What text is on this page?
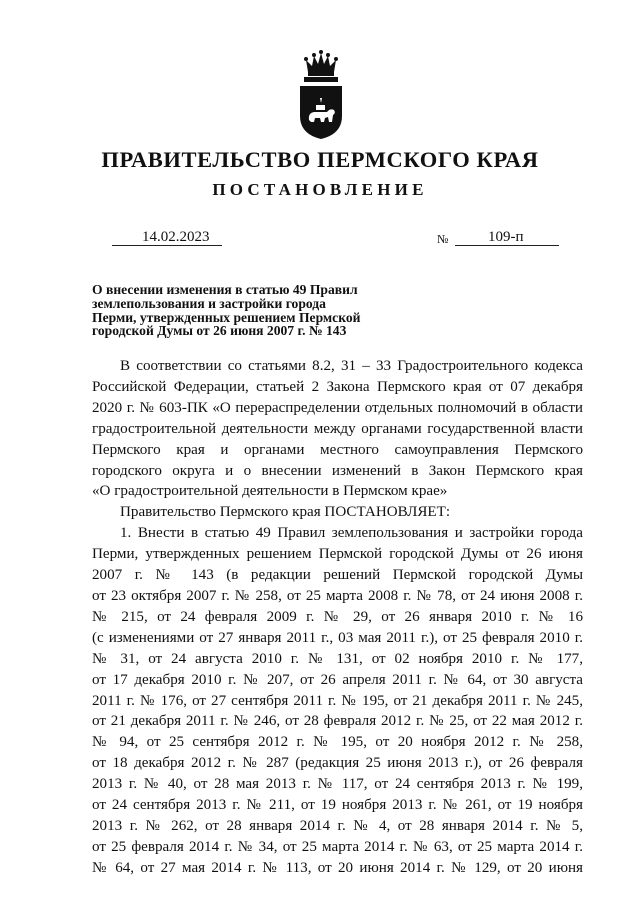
ПРАВИТЕЛЬСТВО ПЕРМСКОГО КРАЯ
ПОСТАНОВЛЕНИЕ
14.02.2023	№	109-п
О внесении изменения в статью 49 Правил
землепользования и застройки города
Перми, утвержденных решением Пермской
городской Думы от 26 июня 2007 г. № 143
В соответствии со статьями 8.2, 31 – 33 Градостроительного кодекса
Российской Федерации, статьей 2 Закона Пермского края от 07 декабря
2020 г. № 603-ПК «О перераспределении отдельных полномочий в области
градостроительной деятельности между органами государственной власти
Пермского края и органами местного самоуправления Пермского
городского округа и о внесении изменений в Закон Пермского края
«О градостроительной деятельности в Пермском крае»
Правительство Пермского края ПОСТАНОВЛЯЕТ:
1. Внести в статью 49 Правил землепользования и застройки города
Перми, утвержденных решением Пермской городской Думы от 26 июня
2007 г. № 143 (в редакции решений Пермской городской Думы
от 23 октября 2007 г. № 258, от 25 марта 2008 г. № 78, от 24 июня 2008 г.
№ 215, от 24 февраля 2009 г. № 29, от 26 января 2010 г. № 16
(с изменениями от 27 января 2011 г., 03 мая 2011 г.), от 25 февраля 2010 г.
№ 31, от 24 августа 2010 г. № 131, от 02 ноября 2010 г. № 177,
от 17 декабря 2010 г. № 207, от 26 апреля 2011 г. № 64, от 30 августа
2011 г. № 176, от 27 сентября 2011 г. № 195, от 21 декабря 2011 г. № 245,
от 21 декабря 2011 г. № 246, от 28 февраля 2012 г. № 25, от 22 мая 2012 г.
№ 94, от 25 сентября 2012 г. № 195, от 20 ноября 2012 г. № 258,
от 18 декабря 2012 г. № 287 (редакция 25 июня 2013 г.), от 26 февраля
2013 г. № 40, от 28 мая 2013 г. № 117, от 24 сентября 2013 г. № 199,
от 24 сентября 2013 г. № 211, от 19 ноября 2013 г. № 261, от 19 ноября
2013 г. № 262, от 28 января 2014 г. № 4, от 28 января 2014 г. № 5,
от 25 февраля 2014 г. № 34, от 25 марта 2014 г. № 63, от 25 марта 2014 г.
№ 64, от 27 мая 2014 г. № 113, от 20 июня 2014 г. № 129, от 20 июня
